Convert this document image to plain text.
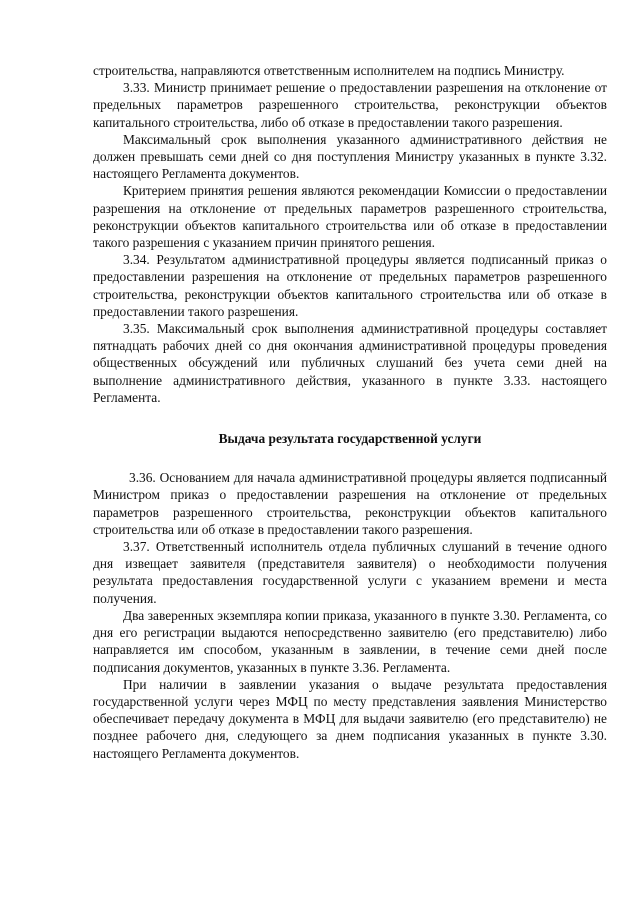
строительства, направляются ответственным исполнителем на подпись Министру.

3.33. Министр принимает решение о предоставлении разрешения на отклонение от предельных параметров разрешенного строительства, реконструкции объектов капитального строительства, либо об отказе в предоставлении такого разрешения.

Максимальный срок выполнения указанного административного действия не должен превышать семи дней со дня поступления Министру указанных в пункте 3.32. настоящего Регламента документов.

Критерием принятия решения являются рекомендации Комиссии о предоставлении разрешения на отклонение от предельных параметров разрешенного строительства, реконструкции объектов капитального строительства или об отказе в предоставлении такого разрешения с указанием причин принятого решения.

3.34. Результатом административной процедуры является подписанный приказ о предоставлении разрешения на отклонение от предельных параметров разрешенного строительства, реконструкции объектов капитального строительства или об отказе в предоставлении такого разрешения.

3.35. Максимальный срок выполнения административной процедуры составляет пятнадцать рабочих дней со дня окончания административной процедуры проведения общественных обсуждений или публичных слушаний без учета семи дней на выполнение административного действия, указанного в пункте 3.33. настоящего Регламента.

Выдача результата государственной услуги

3.36. Основанием для начала административной процедуры является подписанный Министром приказ о предоставлении разрешения на отклонение от предельных параметров разрешенного строительства, реконструкции объектов капитального строительства или об отказе в предоставлении такого разрешения.

3.37. Ответственный исполнитель отдела публичных слушаний в течение одного дня извещает заявителя (представителя заявителя) о необходимости получения результата предоставления государственной услуги с указанием времени и места получения.

Два заверенных экземпляра копии приказа, указанного в пункте 3.30. Регламента, со дня его регистрации выдаются непосредственно заявителю (его представителю) либо направляется им способом, указанным в заявлении, в течение семи дней после подписания документов, указанных в пункте 3.36. Регламента.

При наличии в заявлении указания о выдаче результата предоставления государственной услуги через МФЦ по месту представления заявления Министерство обеспечивает передачу документа в МФЦ для выдачи заявителю (его представителю) не позднее рабочего дня, следующего за днем подписания указанных в пункте 3.30. настоящего Регламента документов.
